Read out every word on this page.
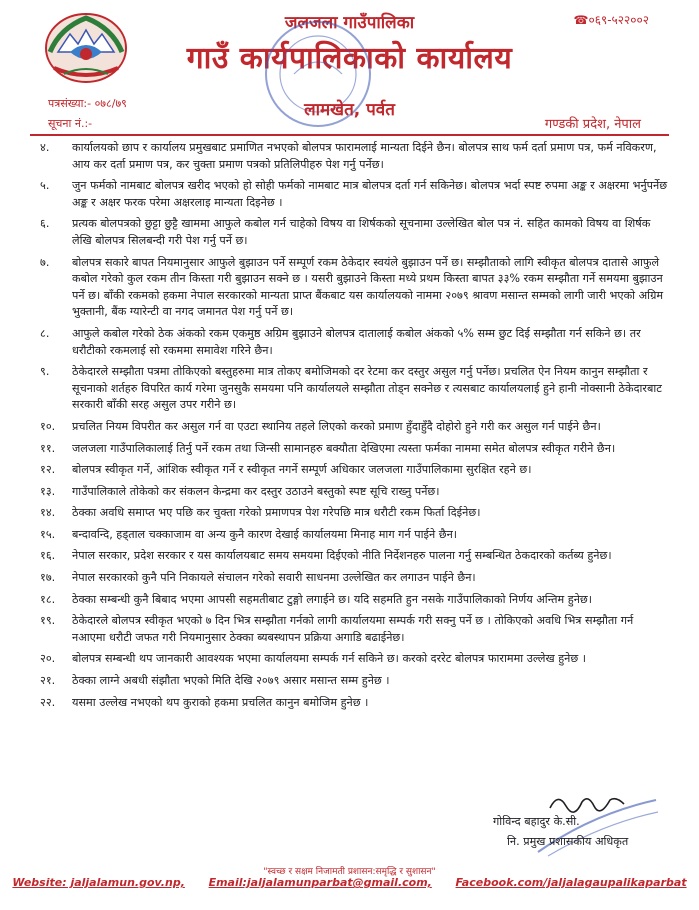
जलजला गाउँपालिका
गाउँ कार्यपालिकाको कार्यालय
☎०६९-५२२००२
पत्रसंख्या:- ०७८/७९
सूचना नं.:-
लामखेत, पर्वत
गण्डकी प्रदेश, नेपाल
४. कार्यालयको छाप र कार्यालय प्रमुखबाट प्रमाणित नभएको बोलपत्र फारामलाई मान्यता दिईने छैन। बोलपत्र साथ फर्म दर्ता प्रमाण पत्र, फर्म नविकरण, आय कर दर्ता प्रमाण पत्र, कर चुक्ता प्रमाण पत्रको प्रतिलिपीहरु पेश गर्नु पर्नेछ।
५. जुन फर्मको नामबाट बोलपत्र खरीद भएको हो सोही फर्मको नामबाट मात्र बोलपत्र दर्ता गर्न सकिनेछ। बोलपत्र भर्दा स्पष्ट रुपमा अङ्क र अक्षरमा भर्नुपर्नेछ अङ्क र अक्षर फरक परेमा अक्षरलाइ मान्यता दिइनेछ ।
६. प्रत्यक बोलपत्रको छुट्टा छुट्टै खाममा आफुले कबोल गर्न चाहेको विषय वा शिर्षकको सूचनामा उल्लेखित बोल पत्र नं. सहित कामको विषय वा शिर्षक लेखि बोलपत्र सिलबन्दी गरी पेश गर्नु पर्ने छ।
७. बोलपत्र सकारे बापत नियमानुसार आफुले बुझाउन पर्ने सम्पूर्ण रकम ठेकेदार स्वयंले बुझाउन पर्ने छ। सम्झौताको लागि स्वीकृत बोलपत्र दातासे आफुले कबोल गरेको कुल रकम तीन किस्ता गरी बुझाउन सक्ने छ । यसरी बुझाउने किस्ता मध्ये प्रथम किस्ता बापत ३३% रकम सम्झौता गर्ने समयमा बुझाउन पर्ने छ। बाँकी रकमको हकमा नेपाल सरकारको मान्यता प्राप्त बैंकबाट यस कार्यालयको नाममा २०७९ श्रावण मसान्त सम्मको लागी जारी भएको अग्रिम भुक्तानी, बैंक ग्यारेन्टी वा नगद जमानत पेश गर्नु पर्ने छ।
८. आफुले कबोल गरेको ठेक अंकको रकम एकमुष्ठ अग्रिम बुझाउने बोलपत्र दातालाई कबोल अंकको ५% सम्म छुट दिई सम्झौता गर्न सकिने छ। तर धरौटीको रकमलाई सो रकममा समावेश गरिने छैन।
९. ठेकेदारले सम्झौता पत्रमा तोकिएको बस्तुहरुमा मात्र तोकए बमोजिमको दर रेटमा कर दस्तुर असुल गर्नु पर्नेछ। प्रचलित ऐन नियम कानुन सम्झौता र सूचनाको शर्तहरु विपरित कार्य गरेमा जुनसुकै समयमा पनि कार्यालयले सम्झौता तोड्न सक्नेछ र त्यसबाट कार्यालयलाई हुने हानी नोक्सानी ठेकेदारबाट सरकारी बाँकी सरह असुल उपर गरीने छ।
१०. प्रचलित नियम विपरीत कर असुल गर्न वा एउटा स्थानिय तहले लिएको करको प्रमाण हुँदाहुँदै दोहोरो हुने गरी कर असुल गर्न पाईने छैन।
११. जलजला गाउँपालिकालाई तिर्नु पर्ने रकम तथा जिन्सी सामानहरु बक्यौता देखिएमा त्यस्ता फर्मका नाममा समेत बोलपत्र स्वीकृत गरीने छैन।
१२. बोलपत्र स्वीकृत गर्ने, आंशिक स्वीकृत गर्ने र स्वीकृत नगर्ने सम्पूर्ण अधिकार जलजला गाउँपालिकामा सुरक्षित रहने छ।
१३. गाउँपालिकाले तोकेको कर संकलन केन्द्रमा कर दस्तुर उठाउने बस्तुको स्पष्ट सूचि राख्नु पर्नेछ।
१४. ठेक्का अवधि समाप्त भए पछि कर चुक्ता गरेको प्रमाणपत्र पेश गरेपछि मात्र धरौटी रकम फिर्ता दिईनेछ।
१५. बन्दावन्दि, हड्ताल चक्काजाम वा अन्य कुनै कारण देखाई कार्यालयमा मिनाह माग गर्न पाईने छैन।
१६. नेपाल सरकार, प्रदेश सरकार र यस कार्यालयबाट समय समयमा दिईएको नीति निर्देशनहरु पालना गर्नु सम्बन्धित ठेकदारको कर्तब्य हुनेछ।
१७. नेपाल सरकारको कुनै पनि निकायले संचालन गरेको सवारी साधनमा उल्लेखित कर लगाउन पाईने छैन।
१८. ठेक्का सम्बन्धी कुनै बिबाद भएमा आपसी सहमतीबाट टुङ्गो लगाईने छ। यदि सहमति हुन नसके गाउँपालिकाको निर्णय अन्तिम हुनेछ।
१९. ठेकेदारले बोलपत्र स्वीकृत भएको ७ दिन भित्र सम्झौता गर्नको लागी कार्यालयमा सम्पर्क गरी सक्नु पर्ने छ । तोकिएको अवधि भित्र सम्झौता गर्न नआएमा धरौटी जफत गरी नियमानुसार ठेक्का ब्यबस्थापन प्रक्रिया अगाडि बढाईनेछ।
२०. बोलपत्र सम्बन्धी थप जानकारी आवश्यक भएमा कार्यालयमा सम्पर्क गर्न सकिने छ। करको दररेट बोलपत्र फाराममा उल्लेख हुनेछ ।
२१. ठेक्का लाग्ने अबधी संझौता भएको मिति देखि २०७९ असार मसान्त सम्म हुनेछ ।
२२. यसमा उल्लेख नभएको थप कुराको हकमा प्रचलित कानुन बमोजिम हुनेछ ।
गोविन्द बहादुर के.सी.
नि. प्रमुख प्रशासकीय अधिकृत
"स्वच्छ र सक्षम निजामती प्रशासन:समृद्धि र सुशासन"
Website: jaljalamun.gov.np, Email:jaljalamunparbat@gmail.com, Facebook.com/jaljalagaupalikaparbat
